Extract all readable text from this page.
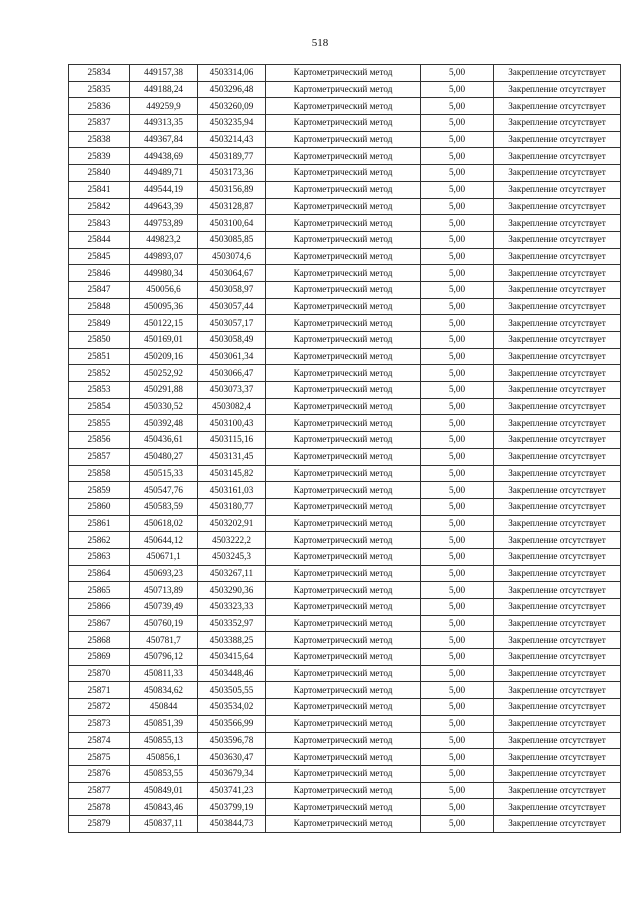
518
25834	449157,38	4503314,06	Картометрический метод	5,00	Закрепление отсутствует
25835	449188,24	4503296,48	Картометрический метод	5,00	Закрепление отсутствует
25836	449259,9	4503260,09	Картометрический метод	5,00	Закрепление отсутствует
25837	449313,35	4503235,94	Картометрический метод	5,00	Закрепление отсутствует
25838	449367,84	4503214,43	Картометрический метод	5,00	Закрепление отсутствует
25839	449438,69	4503189,77	Картометрический метод	5,00	Закрепление отсутствует
25840	449489,71	4503173,36	Картометрический метод	5,00	Закрепление отсутствует
25841	449544,19	4503156,89	Картометрический метод	5,00	Закрепление отсутствует
25842	449643,39	4503128,87	Картометрический метод	5,00	Закрепление отсутствует
25843	449753,89	4503100,64	Картометрический метод	5,00	Закрепление отсутствует
25844	449823,2	4503085,85	Картометрический метод	5,00	Закрепление отсутствует
25845	449893,07	4503074,6	Картометрический метод	5,00	Закрепление отсутствует
25846	449980,34	4503064,67	Картометрический метод	5,00	Закрепление отсутствует
25847	450056,6	4503058,97	Картометрический метод	5,00	Закрепление отсутствует
25848	450095,36	4503057,44	Картометрический метод	5,00	Закрепление отсутствует
25849	450122,15	4503057,17	Картометрический метод	5,00	Закрепление отсутствует
25850	450169,01	4503058,49	Картометрический метод	5,00	Закрепление отсутствует
25851	450209,16	4503061,34	Картометрический метод	5,00	Закрепление отсутствует
25852	450252,92	4503066,47	Картометрический метод	5,00	Закрепление отсутствует
25853	450291,88	4503073,37	Картометрический метод	5,00	Закрепление отсутствует
25854	450330,52	4503082,4	Картометрический метод	5,00	Закрепление отсутствует
25855	450392,48	4503100,43	Картометрический метод	5,00	Закрепление отсутствует
25856	450436,61	4503115,16	Картометрический метод	5,00	Закрепление отсутствует
25857	450480,27	4503131,45	Картометрический метод	5,00	Закрепление отсутствует
25858	450515,33	4503145,82	Картометрический метод	5,00	Закрепление отсутствует
25859	450547,76	4503161,03	Картометрический метод	5,00	Закрепление отсутствует
25860	450583,59	4503180,77	Картометрический метод	5,00	Закрепление отсутствует
25861	450618,02	4503202,91	Картометрический метод	5,00	Закрепление отсутствует
25862	450644,12	4503222,2	Картометрический метод	5,00	Закрепление отсутствует
25863	450671,1	4503245,3	Картометрический метод	5,00	Закрепление отсутствует
25864	450693,23	4503267,11	Картометрический метод	5,00	Закрепление отсутствует
25865	450713,89	4503290,36	Картометрический метод	5,00	Закрепление отсутствует
25866	450739,49	4503323,33	Картометрический метод	5,00	Закрепление отсутствует
25867	450760,19	4503352,97	Картометрический метод	5,00	Закрепление отсутствует
25868	450781,7	4503388,25	Картометрический метод	5,00	Закрепление отсутствует
25869	450796,12	4503415,64	Картометрический метод	5,00	Закрепление отсутствует
25870	450811,33	4503448,46	Картометрический метод	5,00	Закрепление отсутствует
25871	450834,62	4503505,55	Картометрический метод	5,00	Закрепление отсутствует
25872	450844	4503534,02	Картометрический метод	5,00	Закрепление отсутствует
25873	450851,39	4503566,99	Картометрический метод	5,00	Закрепление отсутствует
25874	450855,13	4503596,78	Картометрический метод	5,00	Закрепление отсутствует
25875	450856,1	4503630,47	Картометрический метод	5,00	Закрепление отсутствует
25876	450853,55	4503679,34	Картометрический метод	5,00	Закрепление отсутствует
25877	450849,01	4503741,23	Картометрический метод	5,00	Закрепление отсутствует
25878	450843,46	4503799,19	Картометрический метод	5,00	Закрепление отсутствует
25879	450837,11	4503844,73	Картометрический метод	5,00	Закрепление отсутствует
